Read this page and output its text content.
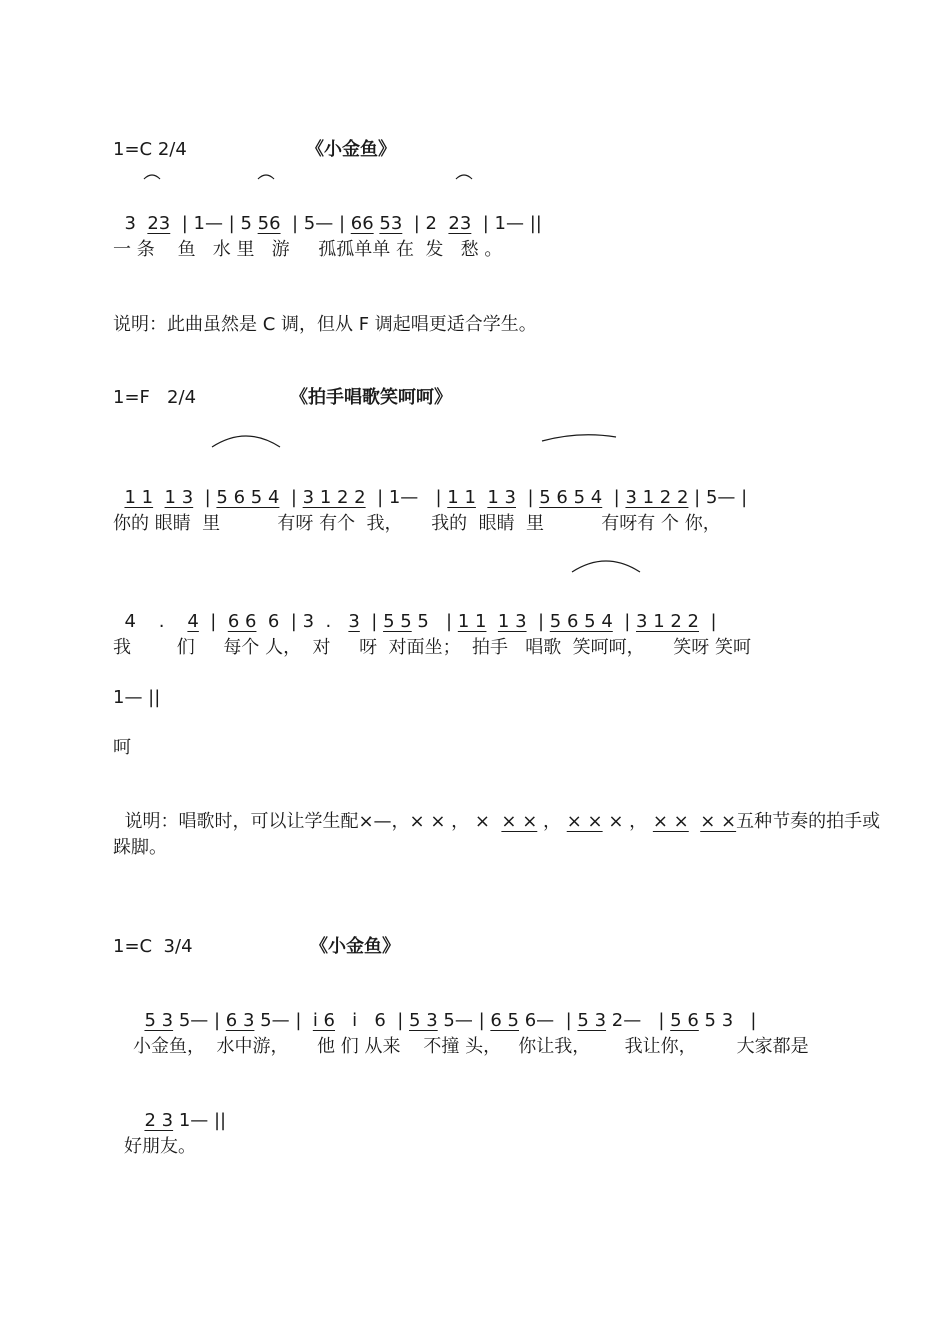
1=C 2/4	《小金鱼》

3  23  | 1— | 5 56  | 5— | 66 53  | 2  23  | 1— ||

一 条    鱼   水 里   游     孤孤单单 在  发   愁 。
说明：此曲虽然是 C 调，但从 F 调起唱更适合学生。
1=F   2/4	《拍手唱歌笑呵呵》

1 1 1 3  | 5 6 5 4  | 3 1 2 2  | 1—   | 1 1 1 3  | 5 6 5 4  | 3 1 2 2 | 5— |

你的 眼睛  里          有呀 有个  我，     我的  眼睛  里          有呀有 个 你，

4    .    4  |  6 6  6  | 3  .   3  | 5 5 5   | 1 1 1 3  | 5 6 5 4  | 3 1 2 2  |

我        们     每个 人，  对     呀  对面坐；  拍手   唱歌  笑呵呵，     笑呀 笑呵
1— ||
呵

说明：唱歌时，可以让学生配×—，× × ， ×  × × ， × × × ， × × × ×五种节奏的拍手或

跺脚。
1=C  3/4	《小金鱼》

5 3 5— | 6 3 5— |  i 6   i   6  | 5 3 5— | 6 5 6—  | 5 3 2—   | 5 6 5 3   |

小金鱼，  水中游，     他 们 从来    不撞 头，   你让我，      我让你，       大家都是

2 3 1— ||

好朋友。
